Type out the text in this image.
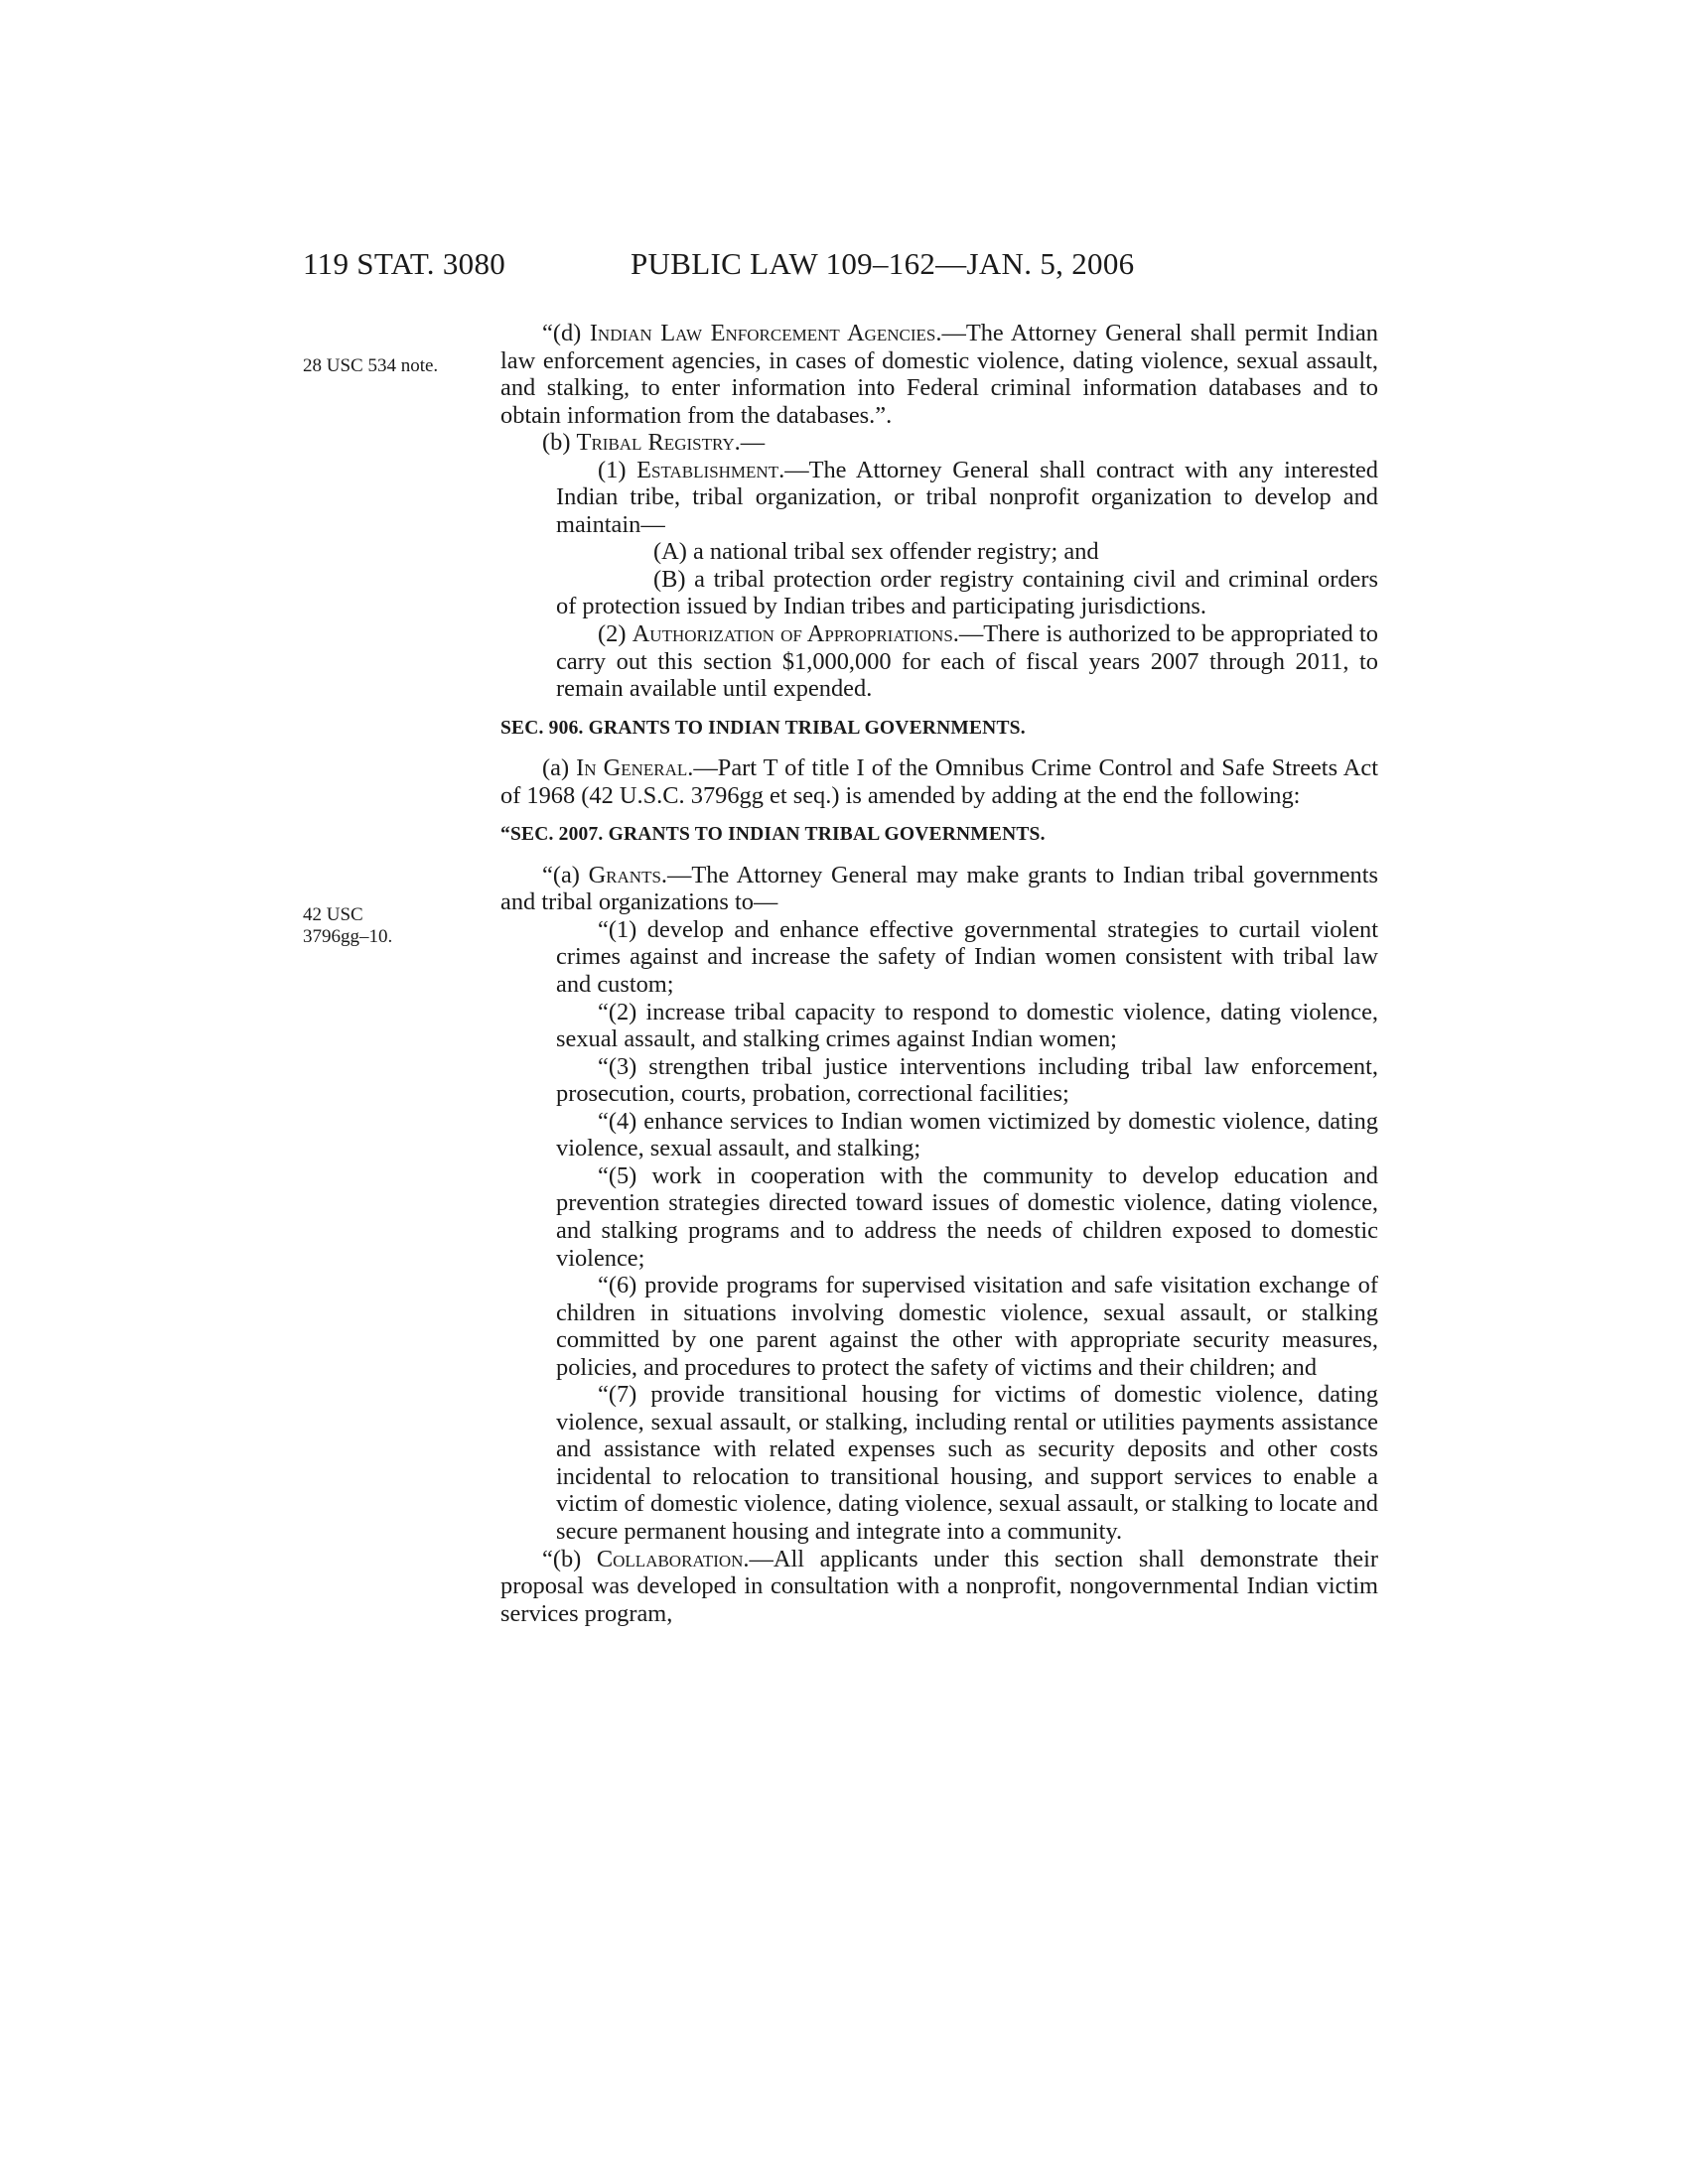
119 STAT. 3080	PUBLIC LAW 109–162—JAN. 5, 2006
28 USC 534 note.
42 USC
3796gg–10.

“(d) Indian Law Enforcement Agencies.—The Attorney General shall permit Indian law enforcement agencies, in cases of domestic violence, dating violence, sexual assault, and stalking, to enter information into Federal criminal information databases and to obtain information from the databases.”.

(b) Tribal Registry.—

(1) Establishment.—The Attorney General shall contract with any interested Indian tribe, tribal organization, or tribal nonprofit organization to develop and maintain—

(A) a national tribal sex offender registry; and

(B) a tribal protection order registry containing civil and criminal orders of protection issued by Indian tribes and participating jurisdictions.

(2) Authorization of Appropriations.—There is authorized to be appropriated to carry out this section $1,000,000 for each of fiscal years 2007 through 2011, to remain available until expended.

SEC. 906. GRANTS TO INDIAN TRIBAL GOVERNMENTS.

(a) In General.—Part T of title I of the Omnibus Crime Control and Safe Streets Act of 1968 (42 U.S.C. 3796gg et seq.) is amended by adding at the end the following:

“SEC. 2007. GRANTS TO INDIAN TRIBAL GOVERNMENTS.

“(a) Grants.—The Attorney General may make grants to Indian tribal governments and tribal organizations to—

“(1) develop and enhance effective governmental strategies to curtail violent crimes against and increase the safety of Indian women consistent with tribal law and custom;

“(2) increase tribal capacity to respond to domestic violence, dating violence, sexual assault, and stalking crimes against Indian women;

“(3) strengthen tribal justice interventions including tribal law enforcement, prosecution, courts, probation, correctional facilities;

“(4) enhance services to Indian women victimized by domestic violence, dating violence, sexual assault, and stalking;

“(5) work in cooperation with the community to develop education and prevention strategies directed toward issues of domestic violence, dating violence, and stalking programs and to address the needs of children exposed to domestic violence;

“(6) provide programs for supervised visitation and safe visitation exchange of children in situations involving domestic violence, sexual assault, or stalking committed by one parent against the other with appropriate security measures, policies, and procedures to protect the safety of victims and their children; and

“(7) provide transitional housing for victims of domestic violence, dating violence, sexual assault, or stalking, including rental or utilities payments assistance and assistance with related expenses such as security deposits and other costs incidental to relocation to transitional housing, and support services to enable a victim of domestic violence, dating violence, sexual assault, or stalking to locate and secure permanent housing and integrate into a community.

“(b) Collaboration.—All applicants under this section shall demonstrate their proposal was developed in consultation with a nonprofit, nongovernmental Indian victim services program,
